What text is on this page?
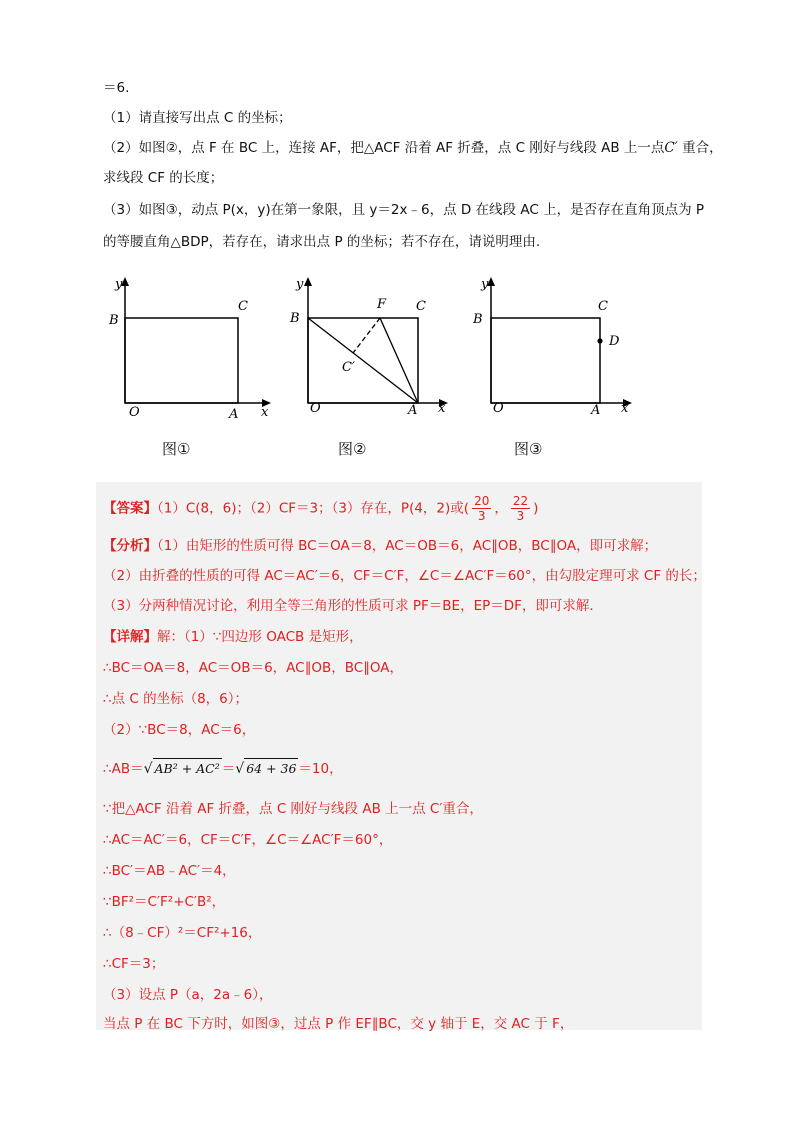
＝6.
（1）请直接写出点 C 的坐标；
（2）如图②，点 F 在 BC 上，连接 AF，把△ACF 沿着 AF 折叠，点 C 刚好与线段 AB 上一点C′ 重合，
求线段 CF 的长度；
（3）如图③，动点 P(x，y)在第一象限，且 y＝2x﹣6，点 D 在线段 AC 上，是否存在直角顶点为 P
的等腰直角△BDP，若存在，请求出点 P 的坐标；若不存在，请说明理由.
y
x
O	A
B
C
图①
y
x
O	A
B
C
F
C′
图②
y
x
O	A
B
C
D
图③
【答案】（1）C(8，6)；（2）CF＝3；（3）存在，P(4，2)或( $\frac{20}{3}$ ， $\frac{22}{3}$ )
【分析】（1）由矩形的性质可得 BC＝OA＝8，AC＝OB＝6，AC∥OB，BC∥OA，即可求解；
（2）由折叠的性质的可得 AC＝AC′＝6，CF＝C′F，∠C＝∠AC′F＝60°，由勾股定理可求 CF 的长；
（3）分两种情况讨论，利用全等三角形的性质可求 PF＝BE，EP＝DF，即可求解.
【详解】解：（1）∵四边形 OACB 是矩形，
∴BC＝OA＝8，AC＝OB＝6，AC∥OB，BC∥OA，
∴点 C 的坐标（8，6）；
（2）∵BC＝8，AC＝6，
∴AB＝√ AB² + AC² ＝√ 64 + 36 ＝10，
∵把△ACF 沿着 AF 折叠，点 C 刚好与线段 AB 上一点 C′重合，
∴AC＝AC′＝6，CF＝C′F，∠C＝∠AC′F＝60°，
∴BC′＝AB﹣AC′＝4，
∵BF²＝C′F²+C′B²，
∴（8﹣CF）²＝CF²+16，
∴CF＝3；
（3）设点 P（a，2a﹣6），
当点 P 在 BC 下方时，如图③，过点 P 作 EF∥BC，交 y 轴于 E，交 AC 于 F，
